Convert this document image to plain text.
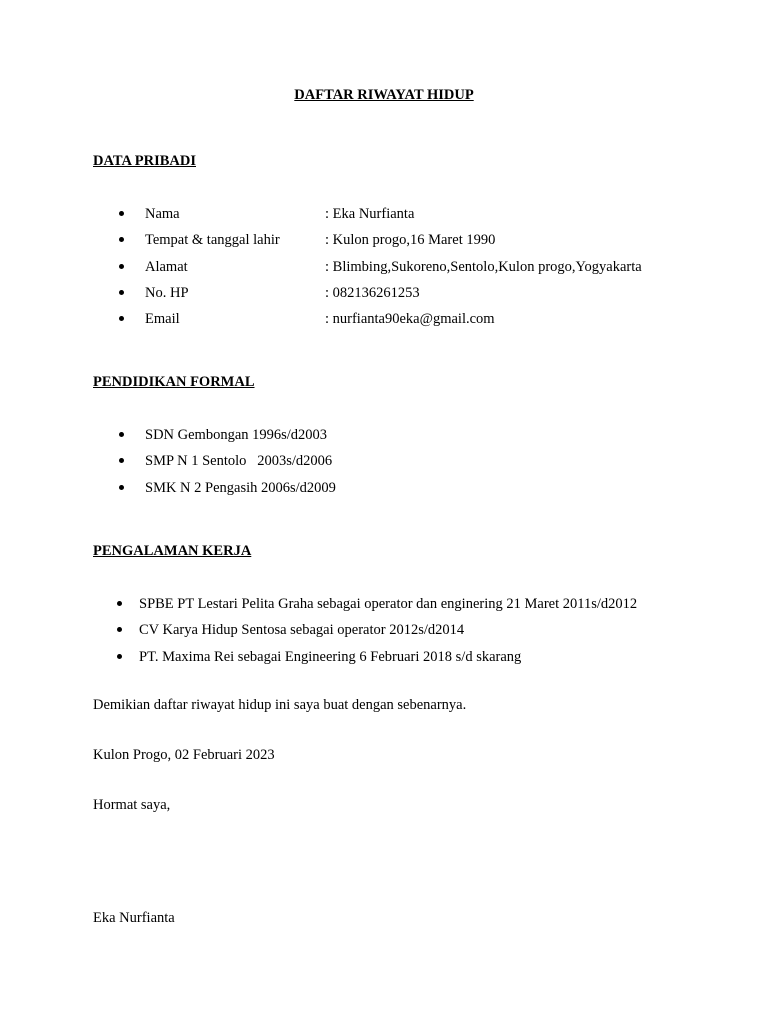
DAFTAR RIWAYAT HIDUP
DATA PRIBADI
Nama	: Eka Nurfianta
Tempat & tanggal lahir	: Kulon progo,16 Maret 1990
Alamat	: Blimbing,Sukoreno,Sentolo,Kulon progo,Yogyakarta
No. HP	: 082136261253
Email	: nurfianta90eka@gmail.com
PENDIDIKAN FORMAL
SDN Gembongan 1996s/d2003
SMP N 1 Sentolo   2003s/d2006
SMK N 2 Pengasih 2006s/d2009
PENGALAMAN KERJA
SPBE PT Lestari Pelita Graha sebagai operator dan enginering 21 Maret 2011s/d2012
CV Karya Hidup Sentosa sebagai operator 2012s/d2014
PT. Maxima Rei sebagai Engineering 6 Februari 2018 s/d skarang
Demikian daftar riwayat hidup ini saya buat dengan sebenarnya.
Kulon Progo, 02 Februari 2023
Hormat saya,
Eka Nurfianta
